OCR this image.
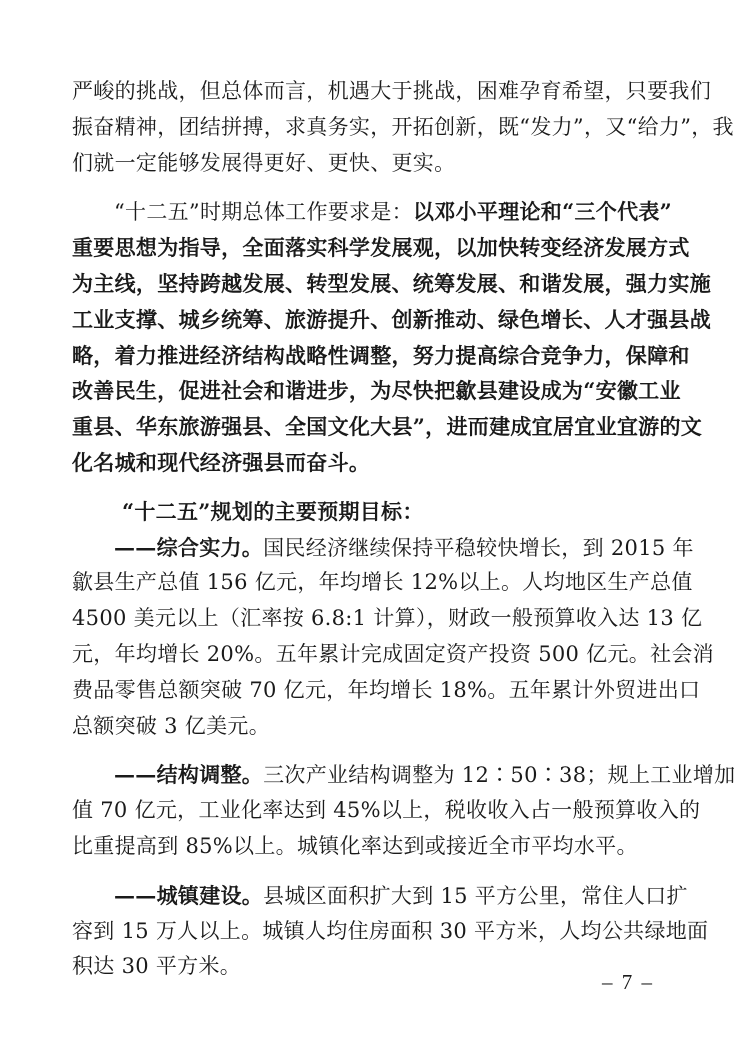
严峻的挑战，但总体而言，机遇大于挑战，困难孕育希望，只要我们
振奋精神，团结拼搏，求真务实，开拓创新，既“发力”，又“给力”，我
们就一定能够发展得更好、更快、更实。
“十二五”时期总体工作要求是：以邓小平理论和“三个代表”
重要思想为指导，全面落实科学发展观，以加快转变经济发展方式
为主线，坚持跨越发展、转型发展、统筹发展、和谐发展，强力实施
工业支撑、城乡统筹、旅游提升、创新推动、绿色增长、人才强县战
略，着力推进经济结构战略性调整，努力提高综合竞争力，保障和
改善民生，促进社会和谐进步，为尽快把歙县建设成为“安徽工业
重县、华东旅游强县、全国文化大县”，进而建成宜居宜业宜游的文
化名城和现代经济强县而奋斗。
“十二五”规划的主要预期目标：
——综合实力。国民经济继续保持平稳较快增长，到 2015 年
歙县生产总值 156 亿元，年均增长 12%以上。人均地区生产总值
4500 美元以上（汇率按 6.8:1 计算），财政一般预算收入达 13 亿
元，年均增长 20%。五年累计完成固定资产投资 500 亿元。社会消
费品零售总额突破 70 亿元，年均增长 18%。五年累计外贸进出口
总额突破 3 亿美元。
——结构调整。三次产业结构调整为 12∶50∶38；规上工业增加
值 70 亿元，工业化率达到 45%以上，税收收入占一般预算收入的
比重提高到 85%以上。城镇化率达到或接近全市平均水平。
——城镇建设。县城区面积扩大到 15 平方公里，常住人口扩
容到 15 万人以上。城镇人均住房面积 30 平方米，人均公共绿地面
积达 30 平方米。
– 7 –
